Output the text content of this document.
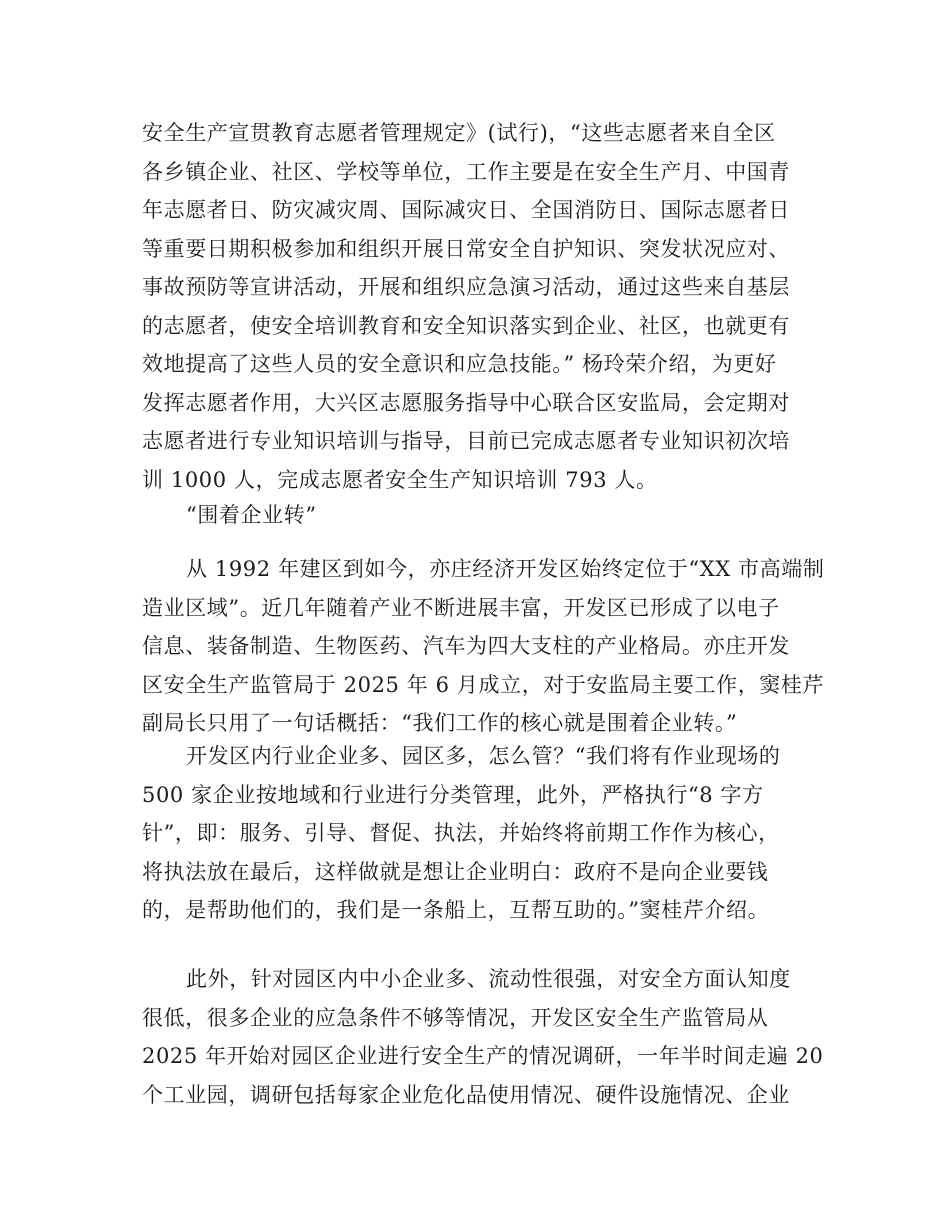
安全生产宣贯教育志愿者管理规定》(试行)，“这些志愿者来自全区
各乡镇企业、社区、学校等单位，工作主要是在安全生产月、中国青
年志愿者日、防灾减灾周、国际减灾日、全国消防日、国际志愿者日
等重要日期积极参加和组织开展日常安全自护知识、突发状况应对、
事故预防等宣讲活动，开展和组织应急演习活动，通过这些来自基层
的志愿者，使安全培训教育和安全知识落实到企业、社区，也就更有
效地提高了这些人员的安全意识和应急技能。” 杨玲荣介绍，为更好
发挥志愿者作用，大兴区志愿服务指导中心联合区安监局，会定期对
志愿者进行专业知识培训与指导，目前已完成志愿者专业知识初次培
训 1000 人，完成志愿者安全生产知识培训 793 人。
“围着企业转”
从 1992 年建区到如今，亦庄经济开发区始终定位于“XX 市高端制
造业区域”。近几年随着产业不断进展丰富，开发区已形成了以电子
信息、装备制造、生物医药、汽车为四大支柱的产业格局。亦庄开发
区安全生产监管局于 2025 年 6 月成立，对于安监局主要工作，窦桂芹
副局长只用了一句话概括：“我们工作的核心就是围着企业转。”
开发区内行业企业多、园区多，怎么管？“我们将有作业现场的
500 家企业按地域和行业进行分类管理，此外，严格执行“8 字方
针”，即：服务、引导、督促、执法，并始终将前期工作作为核心，
将执法放在最后，这样做就是想让企业明白：政府不是向企业要钱
的，是帮助他们的，我们是一条船上，互帮互助的。”窦桂芹介绍。
此外，针对园区内中小企业多、流动性很强，对安全方面认知度
很低，很多企业的应急条件不够等情况，开发区安全生产监管局从
2025 年开始对园区企业进行安全生产的情况调研，一年半时间走遍 20
个工业园，调研包括每家企业危化品使用情况、硬件设施情况、企业
